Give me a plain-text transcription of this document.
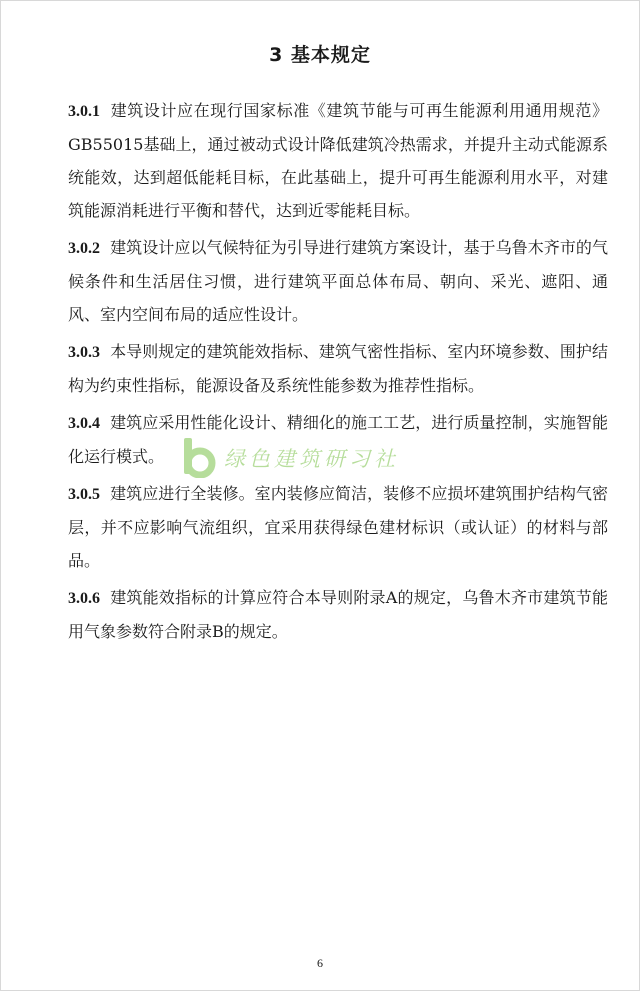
3 基本规定

3.0.1 建筑设计应在现行国家标准《建筑节能与可再生能源利用通用规范》GB55015基础上，通过被动式设计降低建筑冷热需求，并提升主动式能源系统能效，达到超低能耗目标，在此基础上，提升可再生能源利用水平，对建筑能源消耗进行平衡和替代，达到近零能耗目标。

3.0.2 建筑设计应以气候特征为引导进行建筑方案设计，基于乌鲁木齐市的气候条件和生活居住习惯，进行建筑平面总体布局、朝向、采光、遮阳、通风、室内空间布局的适应性设计。

3.0.3 本导则规定的建筑能效指标、建筑气密性指标、室内环境参数、围护结构为约束性指标，能源设备及系统性能参数为推荐性指标。

3.0.4 建筑应采用性能化设计、精细化的施工工艺，进行质量控制，实施智能化运行模式。

3.0.5 建筑应进行全装修。室内装修应简洁，装修不应损坏建筑围护结构气密层，并不应影响气流组织，宜采用获得绿色建材标识（或认证）的材料与部品。

3.0.6 建筑能效指标的计算应符合本导则附录A的规定，乌鲁木齐市建筑节能用气象参数符合附录B的规定。

绿色建筑研习社
6
